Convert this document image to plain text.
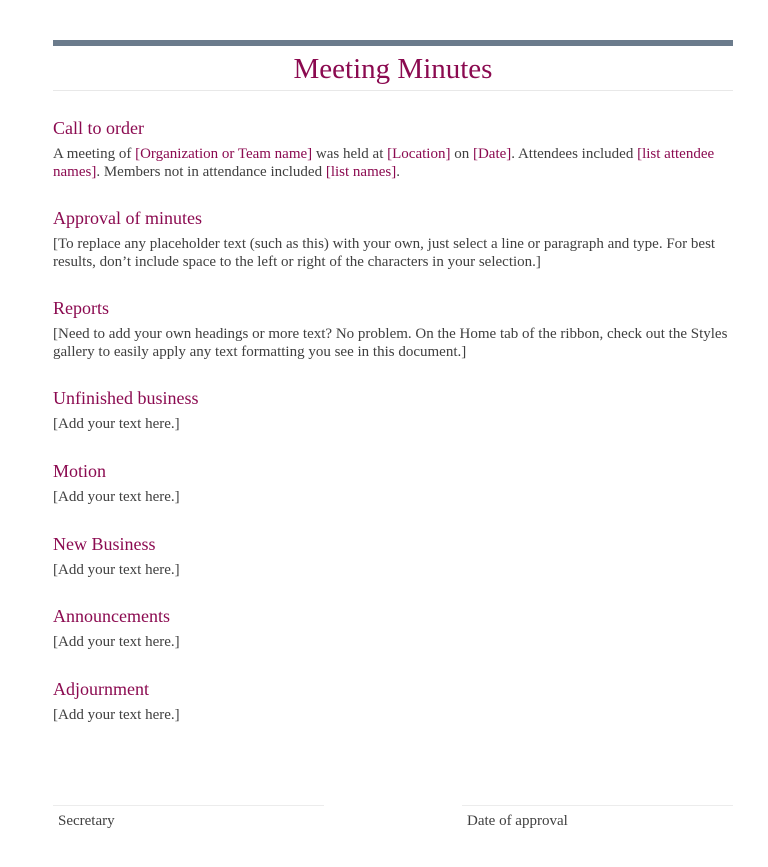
Meeting Minutes
Call to order

A meeting of [Organization or Team name] was held at [Location] on [Date]. Attendees included [list attendee names]. Members not in attendance included [list names].

Approval of minutes

[To replace any placeholder text (such as this) with your own, just select a line or paragraph and type. For best results, don’t include space to the left or right of the characters in your selection.]

Reports

[Need to add your own headings or more text? No problem. On the Home tab of the ribbon, check out the Styles gallery to easily apply any text formatting you see in this document.]

Unfinished business

[Add your text here.]

Motion

[Add your text here.]

New Business

[Add your text here.]

Announcements

[Add your text here.]

Adjournment

[Add your text here.]

Secretary	Date of approval
